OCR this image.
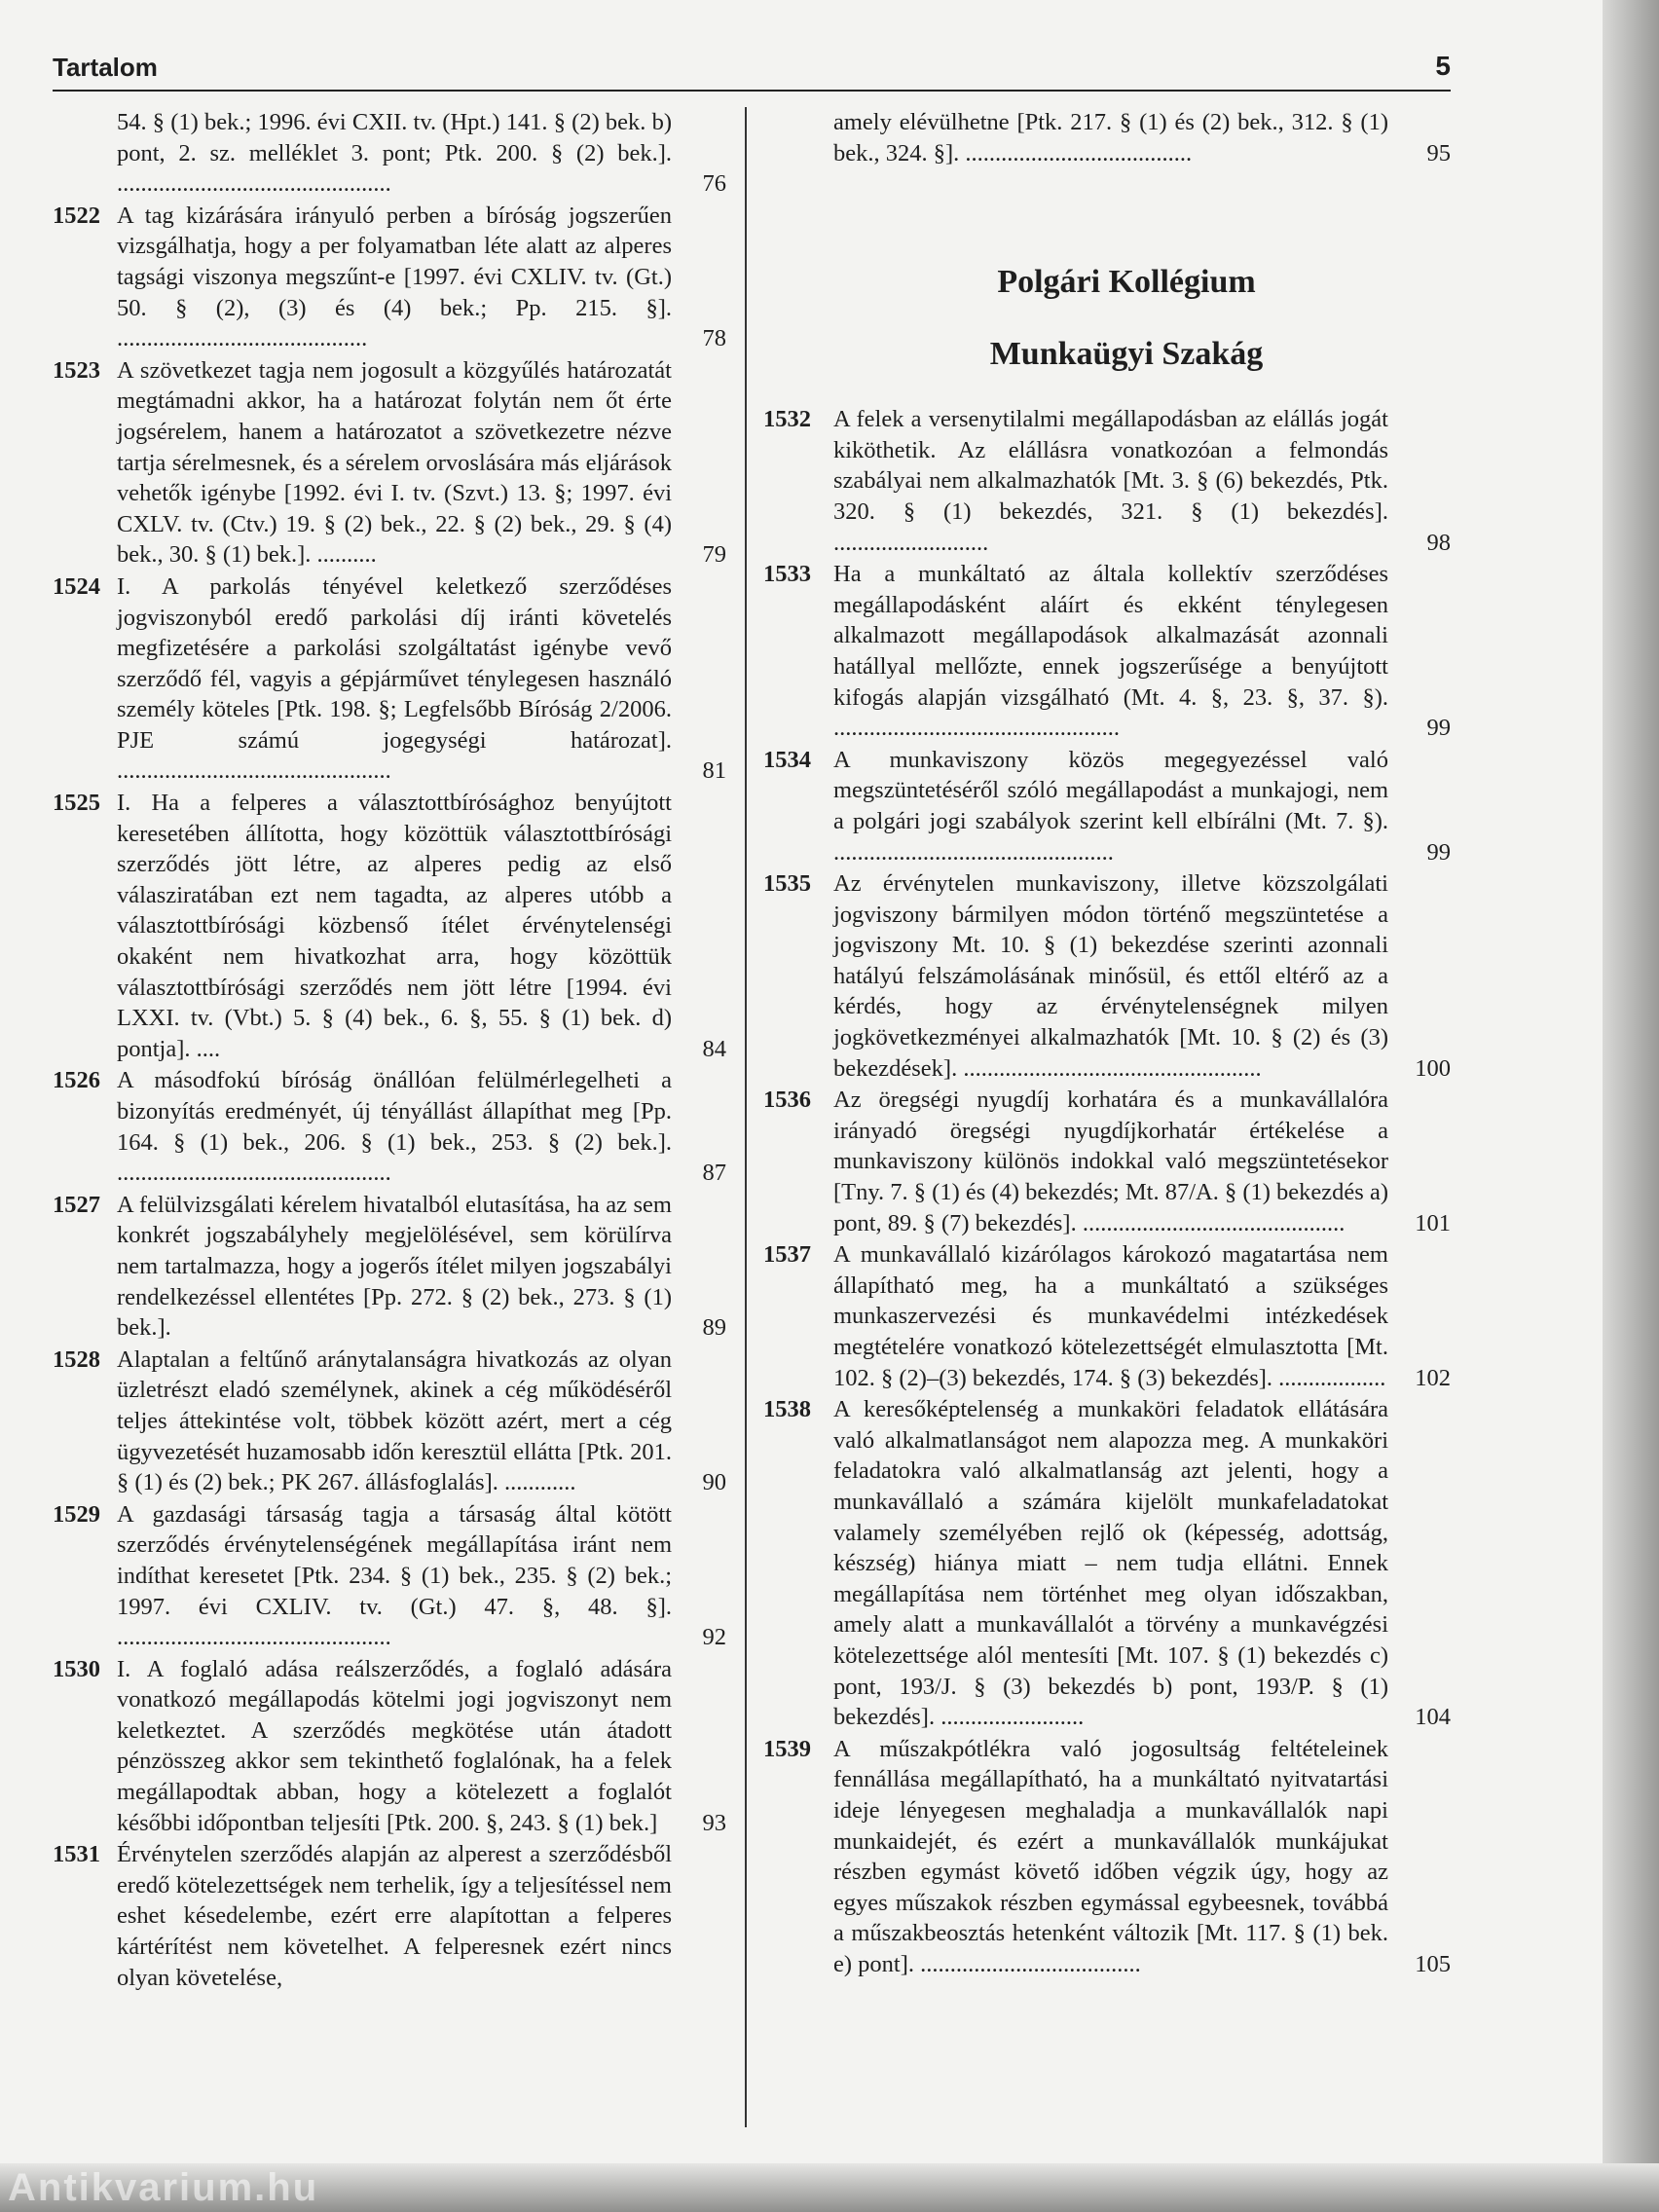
Antikvarium.hu
Tartalom	5
54. § (1) bek.; 1996. évi CXII. tv. (Hpt.) 141. § (2) bek. b) pont, 2. sz. melléklet 3. pont; Ptk. 200. § (2) bek.]. ..............................................	76
1522 A tag kizárására irányuló perben a bíróság jogszerűen vizsgálhatja, hogy a per folyamatban léte alatt az alperes tagsági viszonya megszűnt-e [1997. évi CXLIV. tv. (Gt.) 50. § (2), (3) és (4) bek.; Pp. 215. §]. ..........................................	78
1523 A szövetkezet tagja nem jogosult a közgyűlés határozatát megtámadni akkor, ha a határozat folytán nem őt érte jogsérelem, hanem a határozatot a szövetkezetre nézve tartja sérelmesnek, és a sérelem orvoslására más eljárások vehetők igénybe [1992. évi I. tv. (Szvt.) 13. §; 1997. évi CXLV. tv. (Ctv.) 19. § (2) bek., 22. § (2) bek., 29. § (4) bek., 30. § (1) bek.]. ..........	79
1524 I. A parkolás tényével keletkező szerződéses jogviszonyból eredő parkolási díj iránti követelés megfizetésére a parkolási szolgáltatást igénybe vevő szerződő fél, vagyis a gépjárművet ténylegesen használó személy köteles [Ptk. 198. §; Legfelsőbb Bíróság 2/2006. PJE számú jogegységi határozat]. ..............................................	81
1525 I. Ha a felperes a választottbírósághoz benyújtott keresetében állította, hogy közöttük választottbírósági szerződés jött létre, az alperes pedig az első válasziratában ezt nem tagadta, az alperes utóbb a választottbírósági közbenső ítélet érvénytelenségi okaként nem hivatkozhat arra, hogy közöttük választottbírósági szerződés nem jött létre [1994. évi LXXI. tv. (Vbt.) 5. § (4) bek., 6. §, 55. § (1) bek. d) pontja]. ....	84
1526 A másodfokú bíróság önállóan felülmérlegelheti a bizonyítás eredményét, új tényállást állapíthat meg [Pp. 164. § (1) bek., 206. § (1) bek., 253. § (2) bek.]. ..............................................	87
1527 A felülvizsgálati kérelem hivatalból elutasítása, ha az sem konkrét jogszabályhely megjelölésével, sem körülírva nem tartalmazza, hogy a jogerős ítélet milyen jogszabályi rendelkezéssel ellentétes [Pp. 272. § (2) bek., 273. § (1) bek.].	89
1528 Alaptalan a feltűnő aránytalanságra hivatkozás az olyan üzletrészt eladó személynek, akinek a cég működéséről teljes áttekintése volt, többek között azért, mert a cég ügyvezetését huzamosabb időn keresztül ellátta [Ptk. 201. § (1) és (2) bek.; PK 267. állásfoglalás]. ............	90
1529 A gazdasági társaság tagja a társaság által kötött szerződés érvénytelenségének megállapítása iránt nem indíthat keresetet [Ptk. 234. § (1) bek., 235. § (2) bek.; 1997. évi CXLIV. tv. (Gt.) 47. §, 48. §]. ..............................................	92
1530 I. A foglaló adása reálszerződés, a foglaló adására vonatkozó megállapodás kötelmi jogi jogviszonyt nem keletkeztet. A szerződés megkötése után átadott pénzösszeg akkor sem tekinthető foglalónak, ha a felek megállapodtak abban, hogy a kötelezett a foglalót későbbi időpontban teljesíti [Ptk. 200. §, 243. § (1) bek.]	93
1531 Érvénytelen szerződés alapján az alperest a szerződésből eredő kötelezettségek nem terhelik, így a teljesítéssel nem eshet késedelembe, ezért erre alapítottan a felperes kártérítést nem követelhet. A felperesnek ezért nincs olyan követelése,
amely elévülhetne [Ptk. 217. § (1) és (2) bek., 312. § (1) bek., 324. §]. ......................................	95
Polgári Kollégium
Munkaügyi Szakág
1532 A felek a versenytilalmi megállapodásban az elállás jogát kiköthetik. Az elállásra vonatkozóan a felmondás szabályai nem alkalmazhatók [Mt. 3. § (6) bekezdés, Ptk. 320. § (1) bekezdés, 321. § (1) bekezdés]. ..........................	98
1533 Ha a munkáltató az általa kollektív szerződéses megállapodásként aláírt és ekként ténylegesen alkalmazott megállapodások alkalmazását azonnali hatállyal mellőzte, ennek jogszerűsége a benyújtott kifogás alapján vizsgálható (Mt. 4. §, 23. §, 37. §). ................................................	99
1534 A munkaviszony közös megegyezéssel való megszüntetéséről szóló megállapodást a munkajogi, nem a polgári jogi szabályok szerint kell elbírálni (Mt. 7. §). ...............................................	99
1535 Az érvénytelen munkaviszony, illetve közszolgálati jogviszony bármilyen módon történő megszüntetése a jogviszony Mt. 10. § (1) bekezdése szerinti azonnali hatályú felszámolásának minősül, és ettől eltérő az a kérdés, hogy az érvénytelenségnek milyen jogkövetkezményei alkalmazhatók [Mt. 10. § (2) és (3) bekezdések]. ..................................................	100
1536 Az öregségi nyugdíj korhatára és a munkavállalóra irányadó öregségi nyugdíjkorhatár értékelése a munkaviszony különös indokkal való megszüntetésekor [Tny. 7. § (1) és (4) bekezdés; Mt. 87/A. § (1) bekezdés a) pont, 89. § (7) bekezdés]. ............................................	101
1537 A munkavállaló kizárólagos károkozó magatartása nem állapítható meg, ha a munkáltató a szükséges munkaszervezési és munkavédelmi intézkedések megtételére vonatkozó kötelezettségét elmulasztotta [Mt. 102. § (2)–(3) bekezdés, 174. § (3) bekezdés]. ..................	102
1538 A keresőképtelenség a munkaköri feladatok ellátására való alkalmatlanságot nem alapozza meg. A munkaköri feladatokra való alkalmatlanság azt jelenti, hogy a munkavállaló a számára kijelölt munkafeladatokat valamely személyében rejlő ok (képesség, adottság, készség) hiánya miatt – nem tudja ellátni. Ennek megállapítása nem történhet meg olyan időszakban, amely alatt a munkavállalót a törvény a munkavégzési kötelezettsége alól mentesíti [Mt. 107. § (1) bekezdés c) pont, 193/J. § (3) bekezdés b) pont, 193/P. § (1) bekezdés]. ........................	104
1539 A műszakpótlékra való jogosultság feltételeinek fennállása megállapítható, ha a munkáltató nyitvatartási ideje lényegesen meghaladja a munkavállalók napi munkaidejét, és ezért a munkavállalók munkájukat részben egymást követő időben végzik úgy, hogy az egyes műszakok részben egymással egybeesnek, továbbá a műszakbeosztás hetenként változik [Mt. 117. § (1) bek. e) pont]. .....................................	105
